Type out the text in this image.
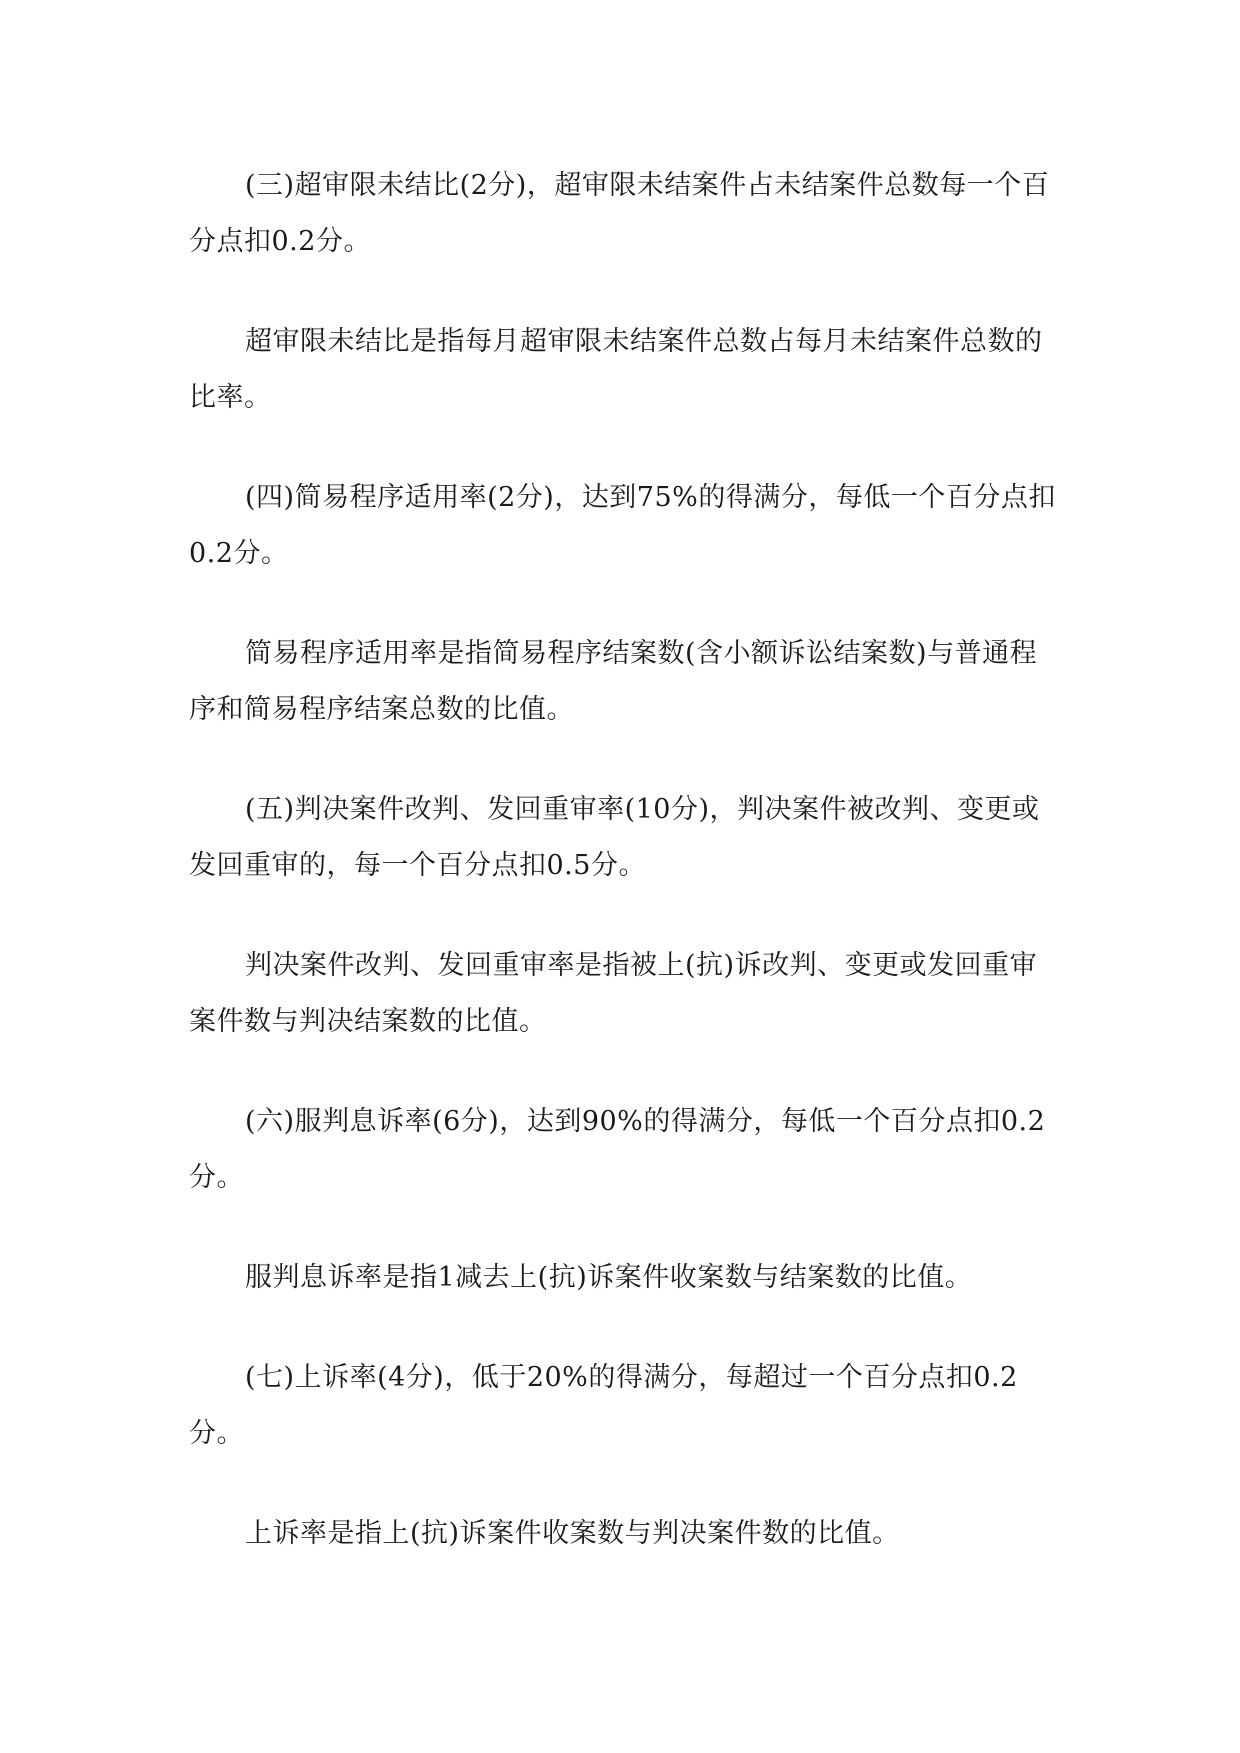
(三)超审限未结比(2分)，超审限未结案件占未结案件总数每一个百分点扣0.2分。

超审限未结比是指每月超审限未结案件总数占每月未结案件总数的比率。

(四)简易程序适用率(2分)，达到75%的得满分，每低一个百分点扣0.2分。

简易程序适用率是指简易程序结案数(含小额诉讼结案数)与普通程序和简易程序结案总数的比值。

(五)判决案件改判、发回重审率(10分)，判决案件被改判、变更或发回重审的，每一个百分点扣0.5分。

判决案件改判、发回重审率是指被上(抗)诉改判、变更或发回重审案件数与判决结案数的比值。

(六)服判息诉率(6分)，达到90%的得满分，每低一个百分点扣0.2分。

服判息诉率是指1减去上(抗)诉案件收案数与结案数的比值。

(七)上诉率(4分)，低于20%的得满分，每超过一个百分点扣0.2分。

上诉率是指上(抗)诉案件收案数与判决案件数的比值。
